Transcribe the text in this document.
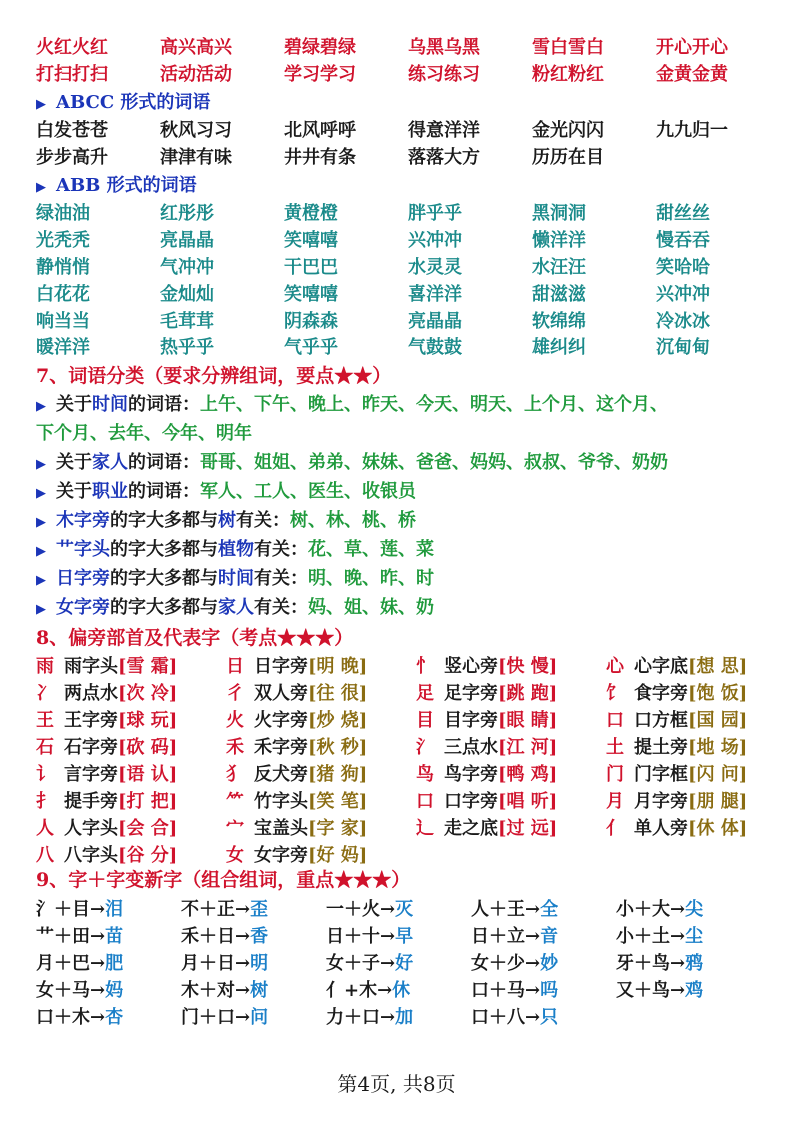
火红火红	高兴高兴	碧绿碧绿	乌黑乌黑	雪白雪白	开心开心
打扫打扫	活动活动	学习学习	练习练习	粉红粉红	金黄金黄
▶ ABCC 形式的词语
白发苍苍	秋风习习	北风呼呼	得意洋洋	金光闪闪	九九归一
步步高升	津津有味	井井有条	落落大方	历历在目
▶ ABB 形式的词语
绿油油	红彤彤	黄橙橙	胖乎乎	黑洞洞	甜丝丝
光秃秃	亮晶晶	笑嘻嘻	兴冲冲	懒洋洋	慢吞吞
静悄悄	气冲冲	干巴巴	水灵灵	水汪汪	笑哈哈
白花花	金灿灿	笑嘻嘻	喜洋洋	甜滋滋	兴冲冲
响当当	毛茸茸	阴森森	亮晶晶	软绵绵	冷冰冰
暖洋洋	热乎乎	气乎乎	气鼓鼓	雄纠纠	沉甸甸
7、词语分类（要求分辨组词，要点★★）
▶ 关于时间的词语：上午、下午、晚上、昨天、今天、明天、上个月、这个月、
下个月、去年、今年、明年
▶ 关于家人的词语：哥哥、姐姐、弟弟、妹妹、爸爸、妈妈、叔叔、爷爷、奶奶
▶ 关于职业的词语：军人、工人、医生、收银员
▶ 木字旁的字大多都与树有关：树、林、桃、桥
▶ 艹字头的字大多都与植物有关：花、草、莲、菜
▶ 日字旁的字大多都与时间有关：明、晚、昨、时
▶ 女字旁的字大多都与家人有关：妈、姐、妹、奶
8、偏旁部首及代表字（考点★★★）
雨 雨字头[雪 霜]	日 日字旁[明 晚]	忄 竖心旁[快 慢]	心 心字底[想 思]
冫 两点水[次 冷]	彳 双人旁[往 很]	足 足字旁[跳 跑]	饣 食字旁[饱 饭]
王 王字旁[球 玩]	火 火字旁[炒 烧]	目 目字旁[眼 睛]	口 口方框[国 园]
石 石字旁[砍 码]	禾 禾字旁[秋 秒]	氵 三点水[江 河]	土 提土旁[地 场]
讠 言字旁[语 认]	犭 反犬旁[猪 狗]	鸟 鸟字旁[鸭 鸡]	门 门字框[闪 问]
扌 提手旁[打 把]	⺮ 竹字头[笑 笔]	口 口字旁[唱 听]	月 月字旁[朋 腿]
人 人字头[会 合]	宀 宝盖头[字 家]	辶 走之底[过 远]	亻 单人旁[休 体]
八 八字头[谷 分]	女 女字旁[好 妈]
9、字＋字变新字（组合组词，重点★★★）
氵＋目→泪	不＋正→歪	一＋火→灭	人＋王→全	小＋大→尖
艹＋田→苗	禾＋日→香	日＋十→早	日＋立→音	小＋土→尘
月＋巴→肥	月＋日→明	女＋子→好	女＋少→妙	牙＋鸟→鸦
女＋马→妈	木＋对→树	亻+木→休	口＋马→吗	又＋鸟→鸡
口＋木→杏	门＋口→问	力＋口→加	口＋八→只
第4页, 共8页
